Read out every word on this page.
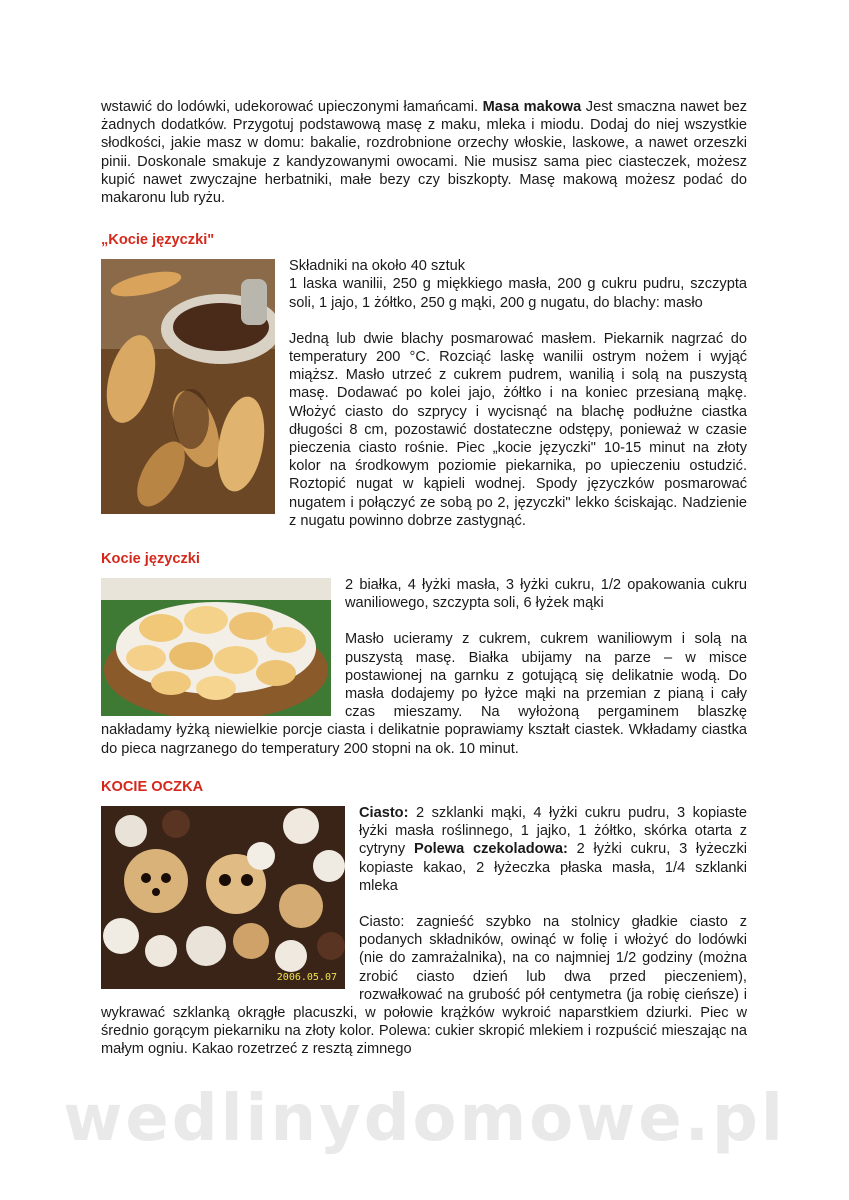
wstawić do lodówki, udekorować upieczonymi łamańcami. Masa makowa Jest smaczna nawet bez żadnych dodatków. Przygotuj podstawową masę z maku, mleka i miodu. Dodaj do niej wszystkie słodkości, jakie masz w domu: bakalie, rozdrobnione orzechy włoskie, laskowe, a nawet orzeszki pinii. Doskonale smakuje z kandyzowanymi owocami. Nie musisz sama piec ciasteczek, możesz kupić nawet zwyczajne herbatniki, małe bezy czy biszkopty. Masę makową możesz podać do makaronu lub ryżu.

„Kocie języczki"

Składniki na około 40 sztuk

1 laska wanilii, 250 g miękkiego masła, 200 g cukru pudru, szczypta soli, 1 jajo, 1 żółtko, 250 g mąki, 200 g nugatu, do blachy: masło

Jedną lub dwie blachy posmarować masłem. Piekarnik nagrzać do temperatury 200 °C. Rozciąć laskę wanilii ostrym nożem i wyjąć miąższ. Masło utrzeć z cukrem pudrem, wanilią i solą na puszystą masę. Dodawać po kolei jajo, żółtko i na koniec przesianą mąkę. Włożyć ciasto do szprycy i wycisnąć na blachę podłużne ciastka długości 8 cm, pozostawić dostateczne odstępy, ponieważ w czasie pieczenia ciasto rośnie. Piec „kocie języczki" 10-15 minut na złoty kolor na środkowym poziomie piekarnika, po upieczeniu ostudzić. Roztopić nugat w kąpieli wodnej. Spody języczków posmarować nugatem i połączyć ze sobą po 2, języczki" lekko ściskając. Nadzienie z nugatu powinno dobrze zastygnąć.

Kocie języczki

2 białka, 4 łyżki masła, 3 łyżki cukru, 1/2 opakowania cukru waniliowego, szczypta soli, 6 łyżek mąki

Masło ucieramy z cukrem, cukrem waniliowym i solą na puszystą masę. Białka ubijamy na parze – w misce postawionej na garnku z gotującą się delikatnie wodą. Do masła dodajemy po łyżce mąki na przemian z pianą i cały czas mieszamy. Na wyłożoną pergaminem blaszkę nakładamy łyżką niewielkie porcje ciasta i delikatnie poprawiamy kształt ciastek. Wkładamy ciastka do pieca nagrzanego do temperatury 200 stopni na ok. 10 minut.

KOCIE OCZKA
2006.05.07

Ciasto: 2 szklanki mąki, 4 łyżki cukru pudru, 3 kopiaste łyżki masła roślinnego, 1 jajko, 1 żółtko, skórka otarta z cytryny Polewa czekoladowa: 2 łyżki cukru, 3 łyżeczki kopiaste kakao, 2 łyżeczka płaska masła, 1/4 szklanki mleka

Ciasto: zagnieść szybko na stolnicy gładkie ciasto z podanych składników, owinąć w folię i włożyć do lodówki (nie do zamrażalnika), na co najmniej 1/2 godziny (można zrobić ciasto dzień lub dwa przed pieczeniem), rozwałkować na grubość pół centymetra (ja robię cieńsze) i wykrawać szklanką okrągłe placuszki, w połowie krążków wykroić naparstkiem dziurki. Piec w średnio gorącym piekarniku na złoty kolor. Polewa: cukier skropić mlekiem i rozpuścić mieszając na małym ogniu. Kakao rozetrzeć z resztą zimnego

wedlinydomowe.pl
